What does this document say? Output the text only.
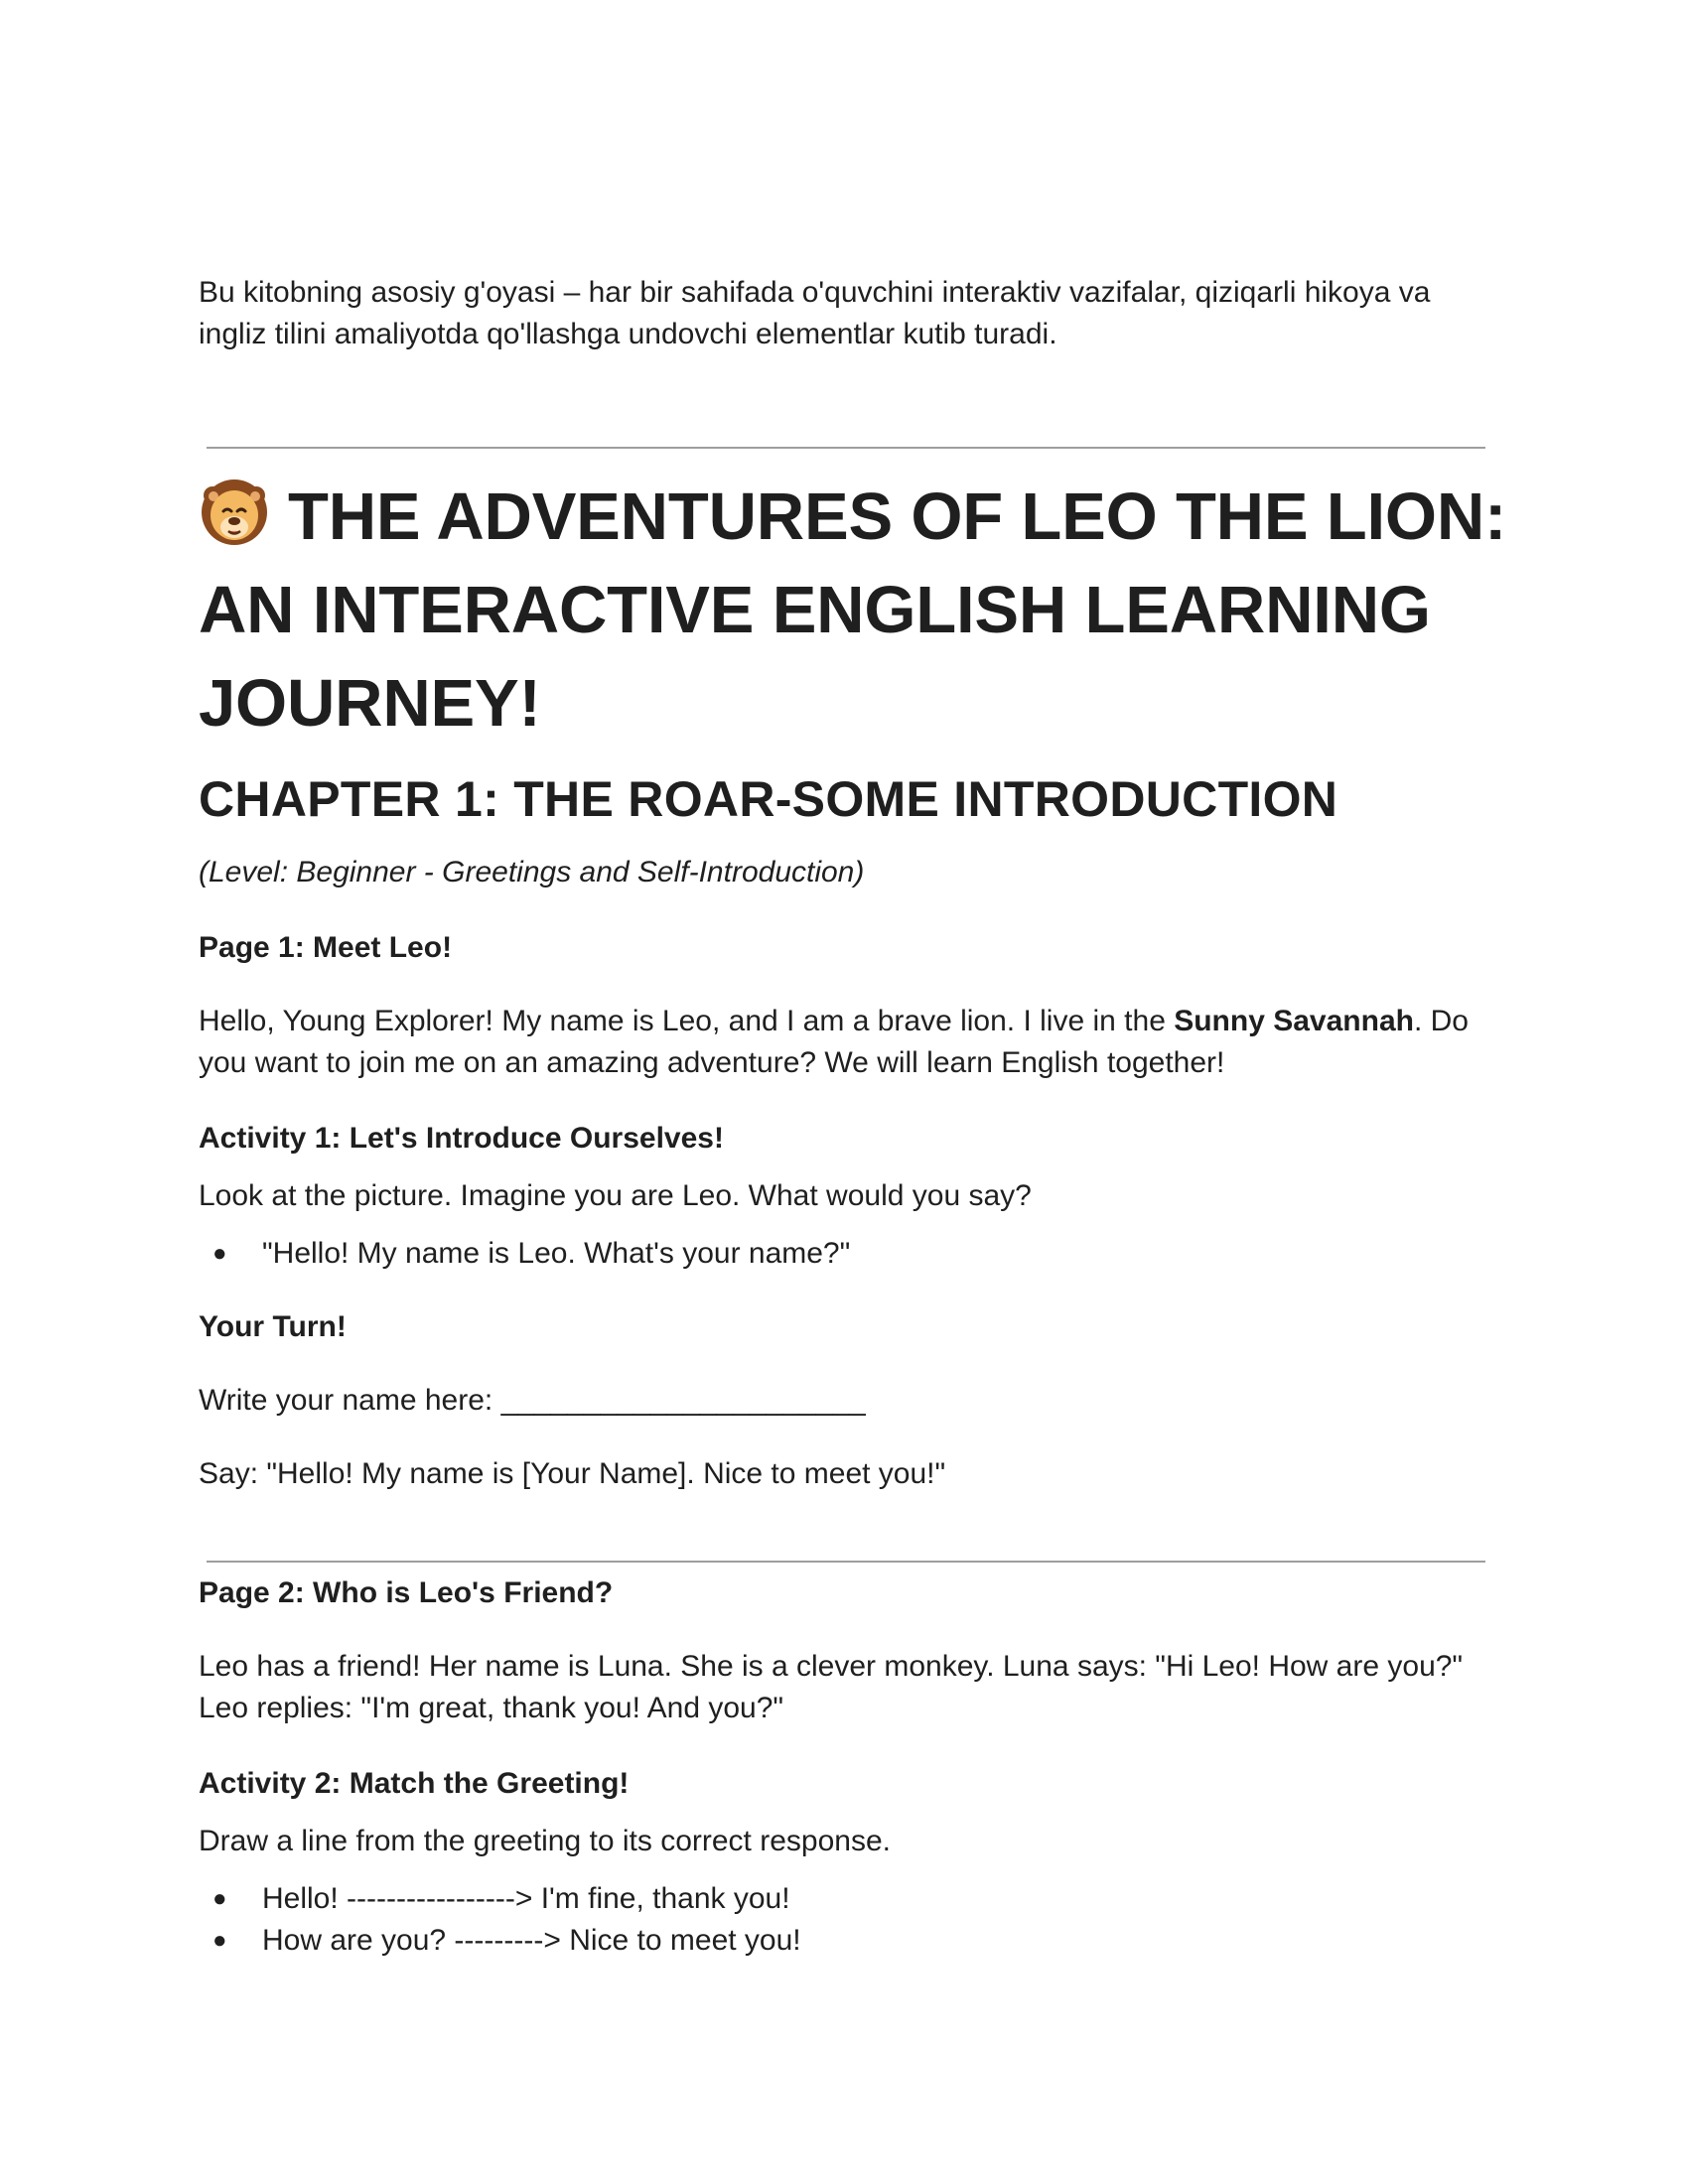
Bu kitobning asosiy g'oyasi – har bir sahifada o'quvchini interaktiv vazifalar, qiziqarli hikoya va ingliz tilini amaliyotda qo'llashga undovchi elementlar kutib turadi.

THE ADVENTURES OF LEO THE LION: AN INTERACTIVE ENGLISH LEARNING JOURNEY!
CHAPTER 1: THE ROAR-SOME INTRODUCTION

(Level: Beginner - Greetings and Self-Introduction)

Page 1: Meet Leo!

Hello, Young Explorer! My name is Leo, and I am a brave lion. I live in the Sunny Savannah. Do you want to join me on an amazing adventure? We will learn English together!

Activity 1: Let's Introduce Ourselves!

Look at the picture. Imagine you are Leo. What would you say?

● "Hello! My name is Leo. What's your name?"

Your Turn!

Write your name here: ______________________

Say: "Hello! My name is [Your Name]. Nice to meet you!"

Page 2: Who is Leo's Friend?

Leo has a friend! Her name is Luna. She is a clever monkey. Luna says: "Hi Leo! How are you?" Leo replies: "I'm great, thank you! And you?"

Activity 2: Match the Greeting!

Draw a line from the greeting to its correct response.

● Hello! -----------------> I'm fine, thank you!
● How are you? ---------> Nice to meet you!
